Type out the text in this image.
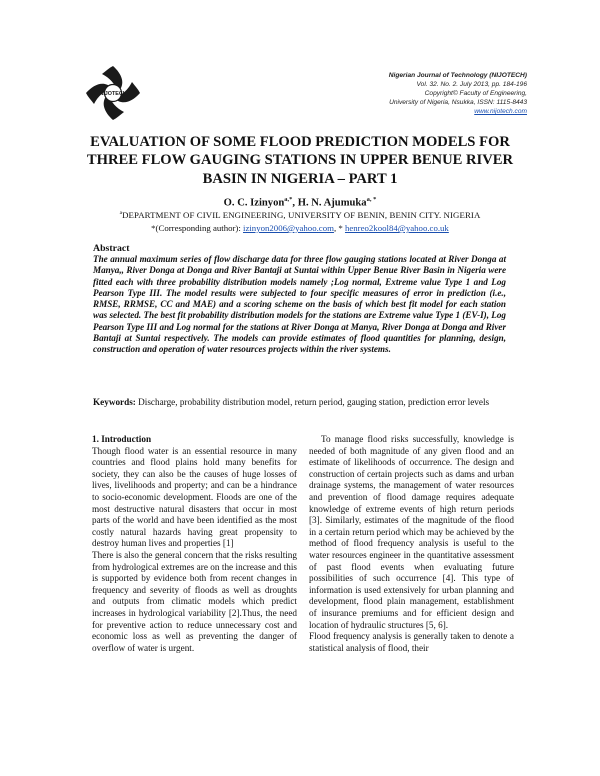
NIJOTECH
Nigerian Journal of Technology (NIJOTECH)
Vol. 32. No. 2. July 2013, pp. 184-196
Copyright© Faculty of Engineering,
University of Nigeria, Nsukka, ISSN: 1115-8443
www.nijotech.com
EVALUATION OF SOME FLOOD PREDICTION MODELS FOR
THREE FLOW GAUGING STATIONS IN UPPER BENUE RIVER
BASIN IN NIGERIA – PART 1
O. C. Izinyon$^{a,*}$, H. N. Ajumuka$^{a, *}$
$^a$DEPARTMENT OF CIVIL ENGINEERING, UNIVERSITY OF BENIN, BENIN CITY. NIGERIA
*(Corresponding author): izinyon2006@yahoo.com, * henreo2kool84@yahoo.co.uk
Abstract
The annual maximum series of flow discharge data for three flow gauging stations located at River Donga at Manya,, River Donga at Donga and River Bantaji at Suntai within Upper Benue River Basin in Nigeria were fitted each with three probability distribution models namely ;Log normal, Extreme value Type 1 and Log Pearson Type III. The model results were subjected to four specific measures of error in prediction (i.e., RMSE, RRMSE, CC and MAE) and a scoring scheme on the basis of which best fit model for each station was selected. The best fit probability distribution models for the stations are Extreme value Type 1 (EV-I), Log Pearson Type III and Log normal for the stations at River Donga at Manya, River Donga at Donga and River Bantaji at Suntai respectively. The models can provide estimates of flood quantities for planning, design, construction and operation of water resources projects within the river systems.
Keywords: Discharge, probability distribution model, return period, gauging station, prediction error levels

1. Introduction

Though flood water is an essential resource in many countries and flood plains hold many benefits for society, they can also be the causes of huge losses of lives, livelihoods and property; and can be a hindrance to socio-economic development. Floods are one of the most destructive natural disasters that occur in most parts of the world and have been identified as the most costly natural hazards having great propensity to destroy human lives and properties [1]

There is also the general concern that the risks resulting from hydrological extremes are on the increase and this is supported by evidence both from recent changes in frequency and severity of floods as well as droughts and outputs from climatic models which predict increases in hydrological variability [2].Thus, the need for preventive action to reduce unnecessary cost and economic loss as well as preventing the danger of overflow of water is urgent.

To manage flood risks successfully, knowledge is needed of both magnitude of any given flood and an estimate of likelihoods of occurrence. The design and construction of certain projects such as dams and urban drainage systems, the management of water resources and prevention of flood damage requires adequate knowledge of extreme events of high return periods [3]. Similarly, estimates of the magnitude of the flood in a certain return period which may be achieved by the method of flood frequency analysis is useful to the water resources engineer in the quantitative assessment of past flood events when evaluating future possibilities of such occurrence [4]. This type of information is used extensively for urban planning and development, flood plain management, establishment of insurance premiums and for efficient design and location of hydraulic structures [5, 6].

Flood frequency analysis is generally taken to denote a statistical analysis of flood, their
